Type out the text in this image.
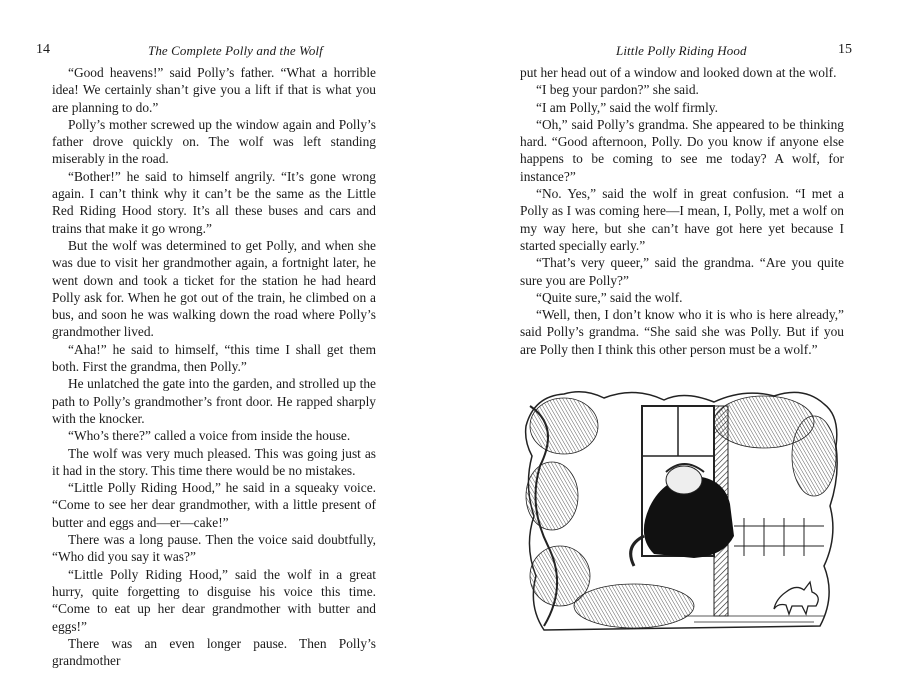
14	The Complete Polly and the Wolf

“Good heavens!” said Polly’s father. “What a horrible idea! We certainly shan’t give you a lift if that is what you are planning to do.”

Polly’s mother screwed up the window again and Polly’s father drove quickly on. The wolf was left standing miserably in the road.

“Bother!” he said to himself angrily. “It’s gone wrong again. I can’t think why it can’t be the same as the Little Red Riding Hood story. It’s all these buses and cars and trains that make it go wrong.”

But the wolf was determined to get Polly, and when she was due to visit her grandmother again, a fortnight later, he went down and took a ticket for the station he had heard Polly ask for. When he got out of the train, he climbed on a bus, and soon he was walking down the road where Polly’s grandmother lived.

“Aha!” he said to himself, “this time I shall get them both. First the grandma, then Polly.”

He unlatched the gate into the garden, and strolled up the path to Polly’s grandmother’s front door. He rapped sharply with the knocker.

“Who’s there?” called a voice from inside the house.

The wolf was very much pleased. This was going just as it had in the story. This time there would be no mistakes.

“Little Polly Riding Hood,” he said in a squeaky voice. “Come to see her dear grandmother, with a little present of butter and eggs and—er—cake!”

There was a long pause. Then the voice said doubtfully, “Who did you say it was?”

“Little Polly Riding Hood,” said the wolf in a great hurry, quite forgetting to disguise his voice this time. “Come to eat up her dear grandmother with butter and eggs!”

There was an even longer pause. Then Polly’s grandmother

Little Polly Riding Hood	15

put her head out of a window and looked down at the wolf.

“I beg your pardon?” she said.

“I am Polly,” said the wolf firmly.

“Oh,” said Polly’s grandma. She appeared to be thinking hard. “Good afternoon, Polly. Do you know if anyone else happens to be coming to see me today? A wolf, for instance?”

“No. Yes,” said the wolf in great confusion. “I met a Polly as I was coming here—I mean, I, Polly, met a wolf on my way here, but she can’t have got here yet because I started specially early.”

“That’s very queer,” said the grandma. “Are you quite sure you are Polly?”

“Quite sure,” said the wolf.

“Well, then, I don’t know who it is who is here already,” said Polly’s grandma. “She said she was Polly. But if you are Polly then I think this other person must be a wolf.”
